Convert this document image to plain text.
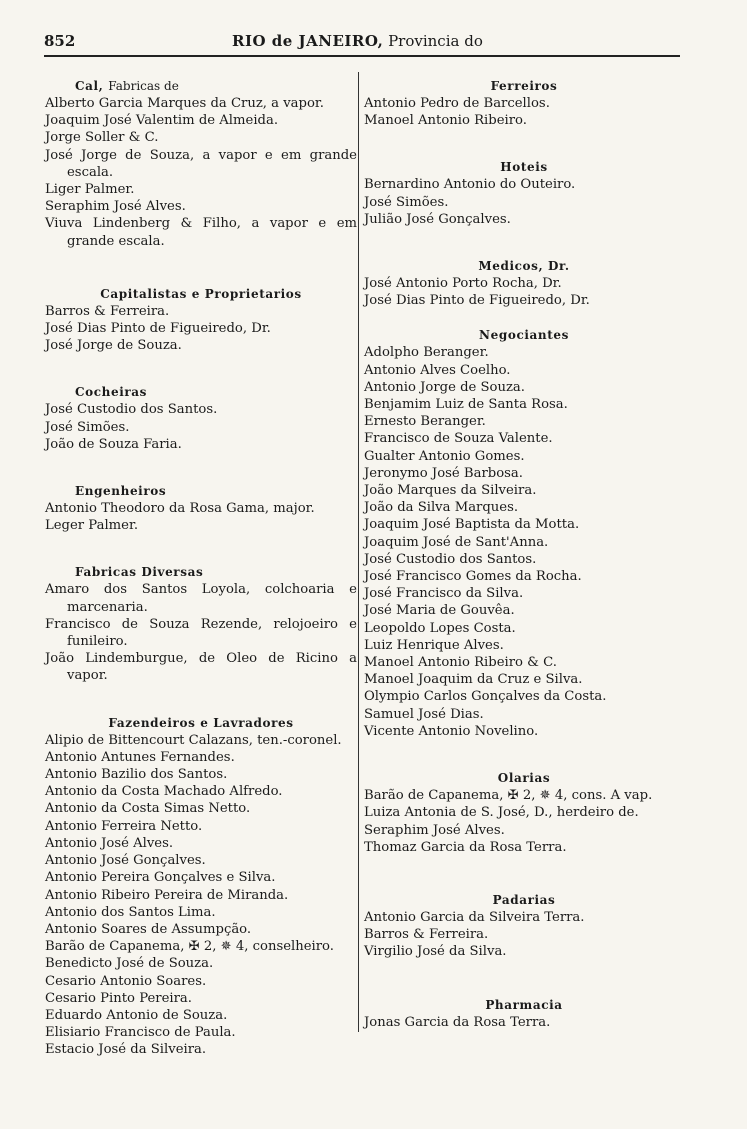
852	RIO de JANEIRO, Provincia do
Cal, Fabricas de
Alberto Garcia Marques da Cruz, a vapor.
Joaquim José Valentim de Almeida.
Jorge Soller & C.
José Jorge de Souza, a vapor e em grande escala.
Liger Palmer.
Seraphim José Alves.
Viuva Lindenberg & Filho, a vapor e em grande escala.
Capitalistas e Proprietarios
Barros & Ferreira.
José Dias Pinto de Figueiredo, Dr.
José Jorge de Souza.
Cocheiras
José Custodio dos Santos.
José Simões.
João de Souza Faria.
Engenheiros
Antonio Theodoro da Rosa Gama, major.
Leger Palmer.
Fabricas Diversas
Amaro dos Santos Loyola, colchoaria e marcenaria.
Francisco de Souza Rezende, relojoeiro e funileiro.
João Lindemburgue, de Oleo de Ricino a vapor.
Fazendeiros e Lavradores
Alipio de Bittencourt Calazans, ten.-coronel.
Antonio Antunes Fernandes.
Antonio Bazilio dos Santos.
Antonio da Costa Machado Alfredo.
Antonio da Costa Simas Netto.
Antonio Ferreira Netto.
Antonio José Alves.
Antonio José Gonçalves.
Antonio Pereira Gonçalves e Silva.
Antonio Ribeiro Pereira de Miranda.
Antonio dos Santos Lima.
Antonio Soares de Assumpção.
Barão de Capanema, ✠ 2, ✵ 4, conselheiro.
Benedicto José de Souza.
Cesario Antonio Soares.
Cesario Pinto Pereira.
Eduardo Antonio de Souza.
Elisiario Francisco de Paula.
Estacio José da Silveira.
Ferreiros
Antonio Pedro de Barcellos.
Manoel Antonio Ribeiro.
Hoteis
Bernardino Antonio do Outeiro.
José Simões.
Julião José Gonçalves.
Medicos, Dr.
José Antonio Porto Rocha, Dr.
José Dias Pinto de Figueiredo, Dr.
Negociantes
Adolpho Beranger.
Antonio Alves Coelho.
Antonio Jorge de Souza.
Benjamim Luiz de Santa Rosa.
Ernesto Beranger.
Francisco de Souza Valente.
Gualter Antonio Gomes.
Jeronymo José Barbosa.
João Marques da Silveira.
João da Silva Marques.
Joaquim José Baptista da Motta.
Joaquim José de Sant'Anna.
José Custodio dos Santos.
José Francisco Gomes da Rocha.
José Francisco da Silva.
José Maria de Gouvêa.
Leopoldo Lopes Costa.
Luiz Henrique Alves.
Manoel Antonio Ribeiro & C.
Manoel Joaquim da Cruz e Silva.
Olympio Carlos Gonçalves da Costa.
Samuel José Dias.
Vicente Antonio Novelino.
Olarias
Barão de Capanema, ✠ 2, ✵ 4, cons. A vap.
Luiza Antonia de S. José, D., herdeiro de.
Seraphim José Alves.
Thomaz Garcia da Rosa Terra.
Padarias
Antonio Garcia da Silveira Terra.
Barros & Ferreira.
Virgilio José da Silva.
Pharmacia
Jonas Garcia da Rosa Terra.
